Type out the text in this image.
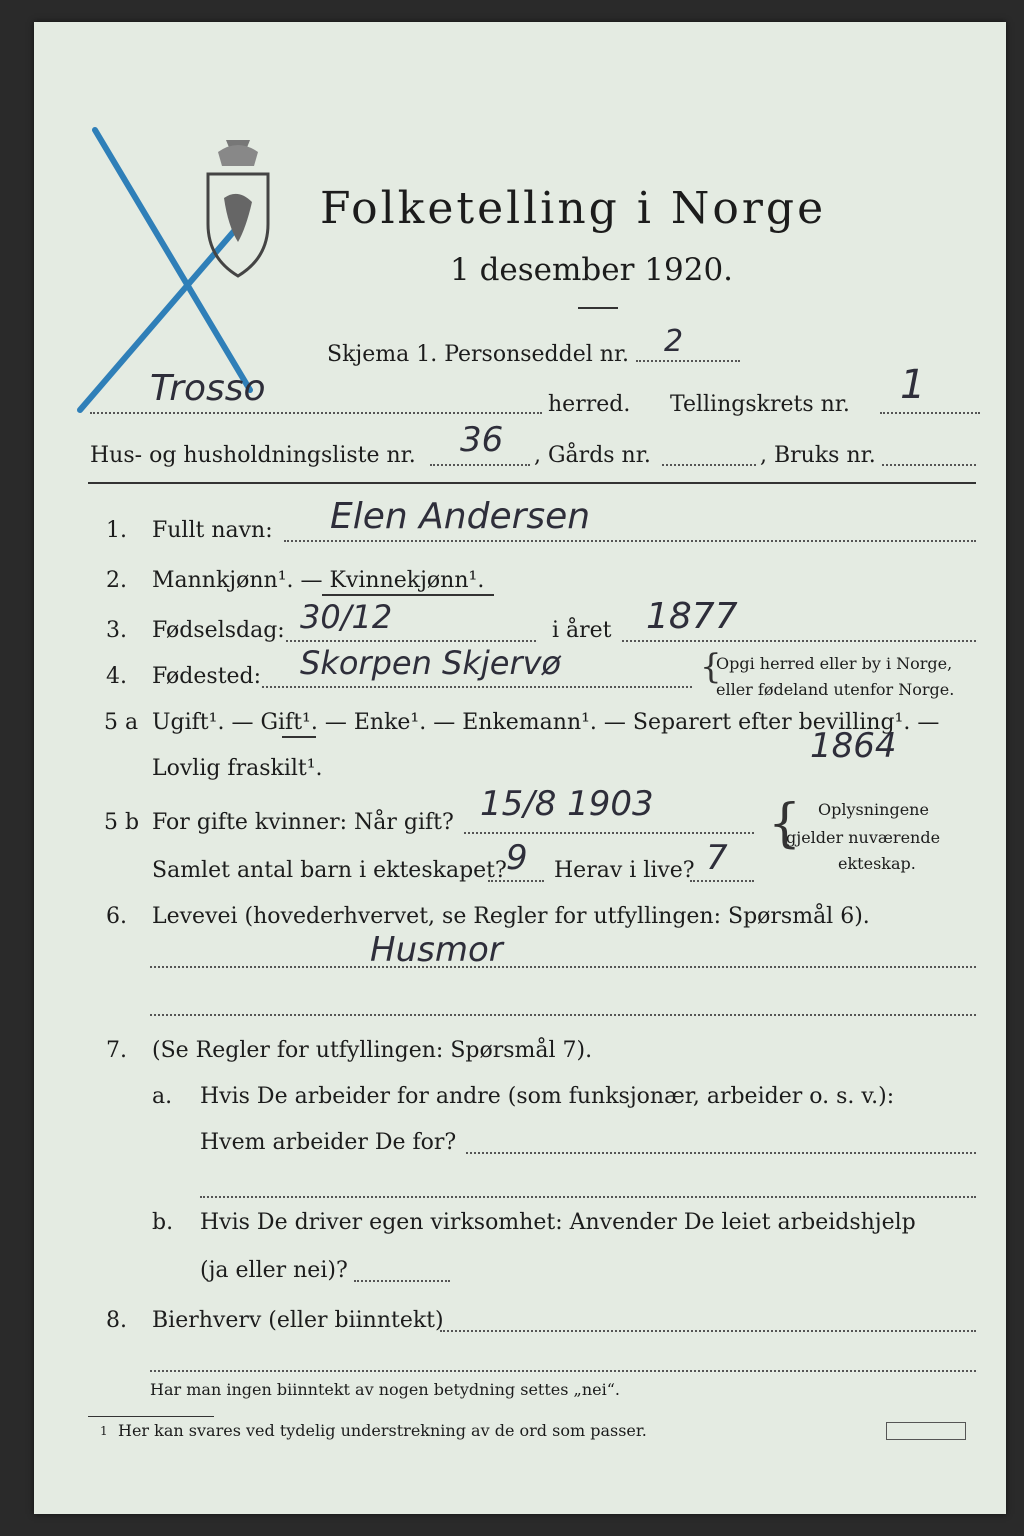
Folketelling i Norge
1 desember 1920.
Skjema 1. Personseddel nr. 2
Trosso	herred. Tellingskrets nr. 1
Hus- og husholdningsliste nr. 36 , Gårds nr.	, Bruks nr.
1. Fullt navn: Elen Andersen
2. Mannkjønn¹. — Kvinnekjønn¹.
3. Fødselsdag: 30/12	i året 1877
4. Fødested: Skorpen Skjervø	{
Opgi herred eller by i Norge,
eller fødeland utenfor Norge.
5 a Ugift¹. — Gift¹. — Enke¹. — Enkemann¹. — Separert efter bevilling¹. —
Lovlig fraskilt¹.
1864
5 b For gifte kvinner: Når gift? 15/8 1903
Samlet antal barn i ekteskapet? 9 Herav i live? 7
{ Oplysningene
gjelder nuværende
ekteskap.
6. Levevei (hovederhvervet, se Regler for utfyllingen: Spørsmål 6).
Husmor
7. (Se Regler for utfyllingen: Spørsmål 7).
a. Hvis De arbeider for andre (som funksjonær, arbeider o. s. v.):
Hvem arbeider De for?
b. Hvis De driver egen virksomhet: Anvender De leiet arbeidshjelp
(ja eller nei)?
8. Bierhverv (eller biinntekt)
Har man ingen biinntekt av nogen betydning settes „nei“.
1 Her kan svares ved tydelig understrekning av de ord som passer.
